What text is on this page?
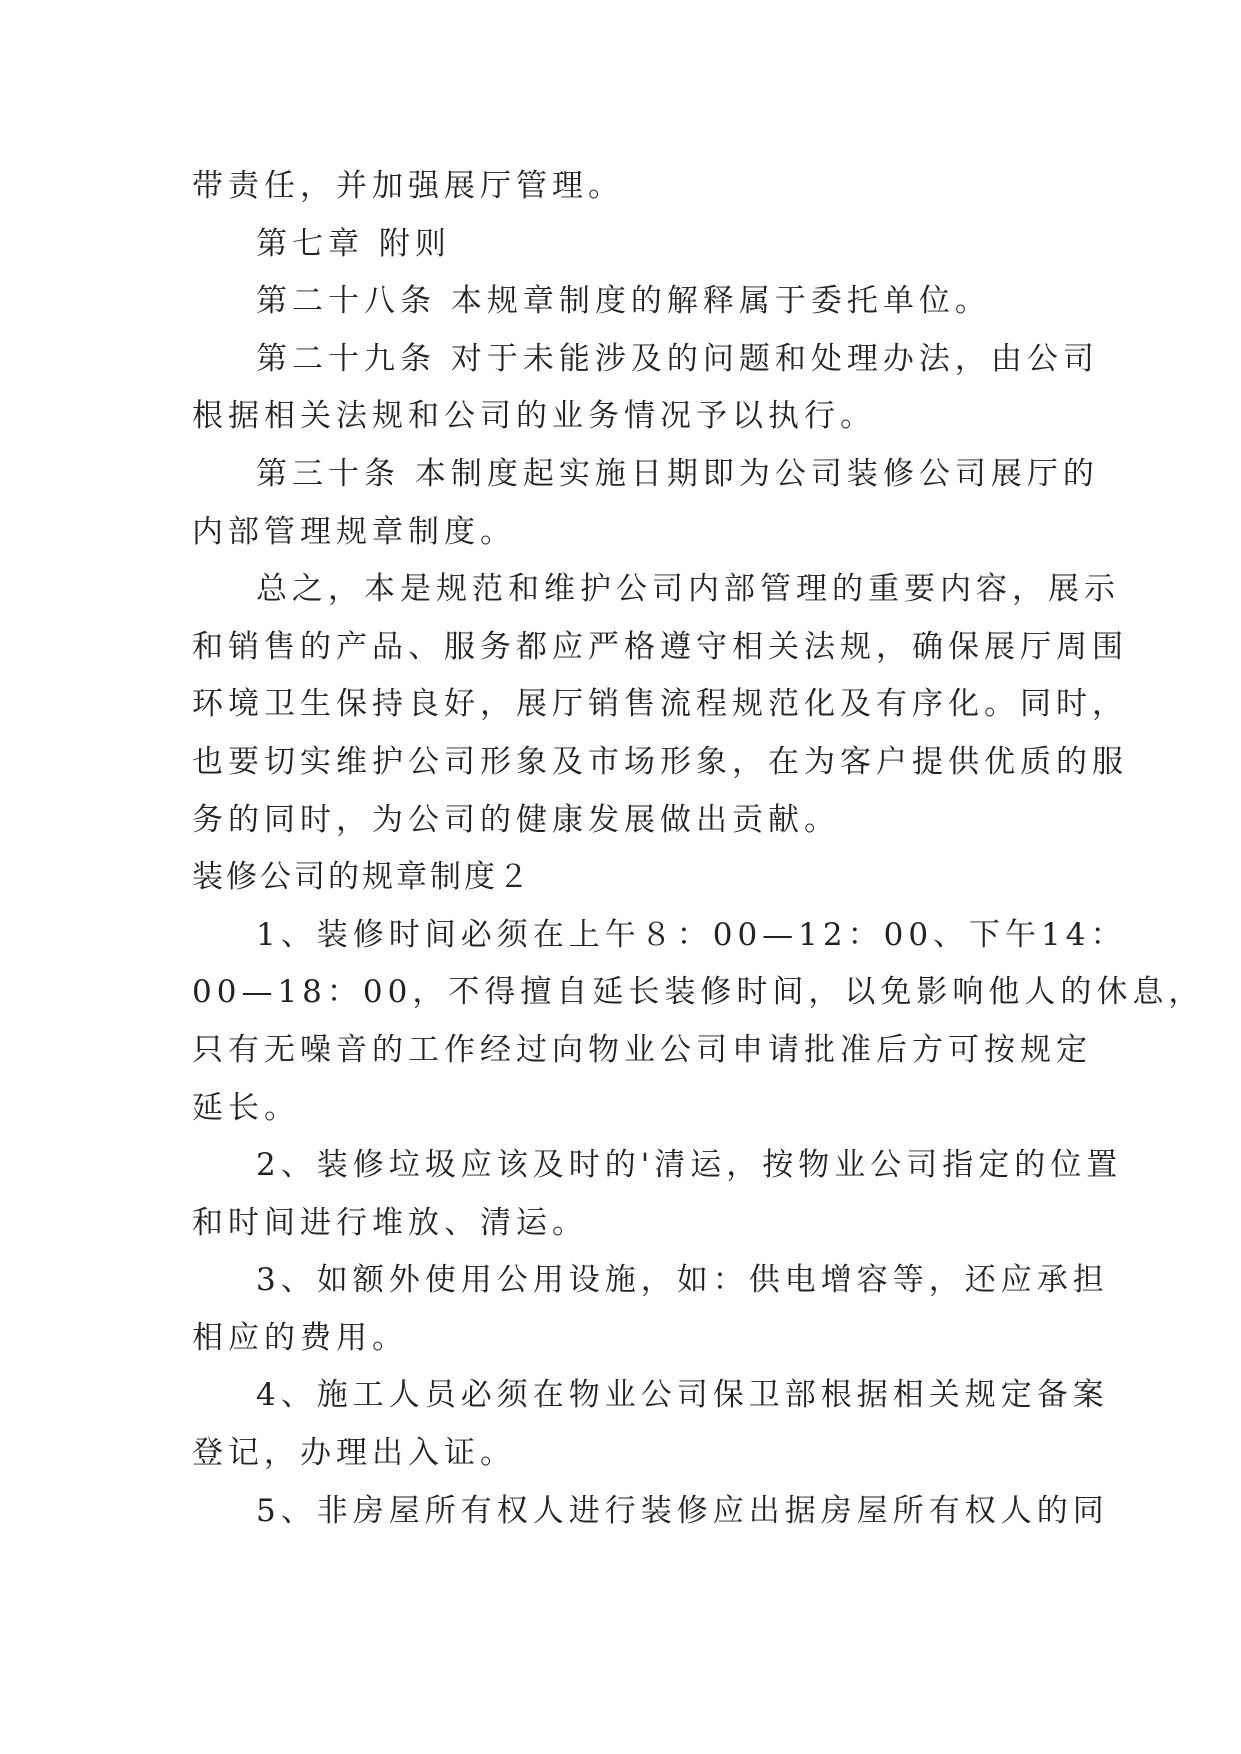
带责任，并加强展厅管理。
第七章 附则
第二十八条 本规章制度的解释属于委托单位。
第二十九条 对于未能涉及的问题和处理办法，由公司
根据相关法规和公司的业务情况予以执行。
第三十条 本制度起实施日期即为公司装修公司展厅的
内部管理规章制度。
总之，本是规范和维护公司内部管理的重要内容，展示
和销售的产品、服务都应严格遵守相关法规，确保展厅周围
环境卫生保持良好，展厅销售流程规范化及有序化。同时，
也要切实维护公司形象及市场形象，在为客户提供优质的服
务的同时，为公司的健康发展做出贡献。
装修公司的规章制度２
1、装修时间必须在上午８：00—12：00、下午14：
00—18：00，不得擅自延长装修时间，以免影响他人的休息，
只有无噪音的工作经过向物业公司申请批准后方可按规定
延长。
2、装修垃圾应该及时的'清运，按物业公司指定的位置
和时间进行堆放、清运。
3、如额外使用公用设施，如：供电增容等，还应承担
相应的费用。
4、施工人员必须在物业公司保卫部根据相关规定备案
登记，办理出入证。
5、非房屋所有权人进行装修应出据房屋所有权人的同
